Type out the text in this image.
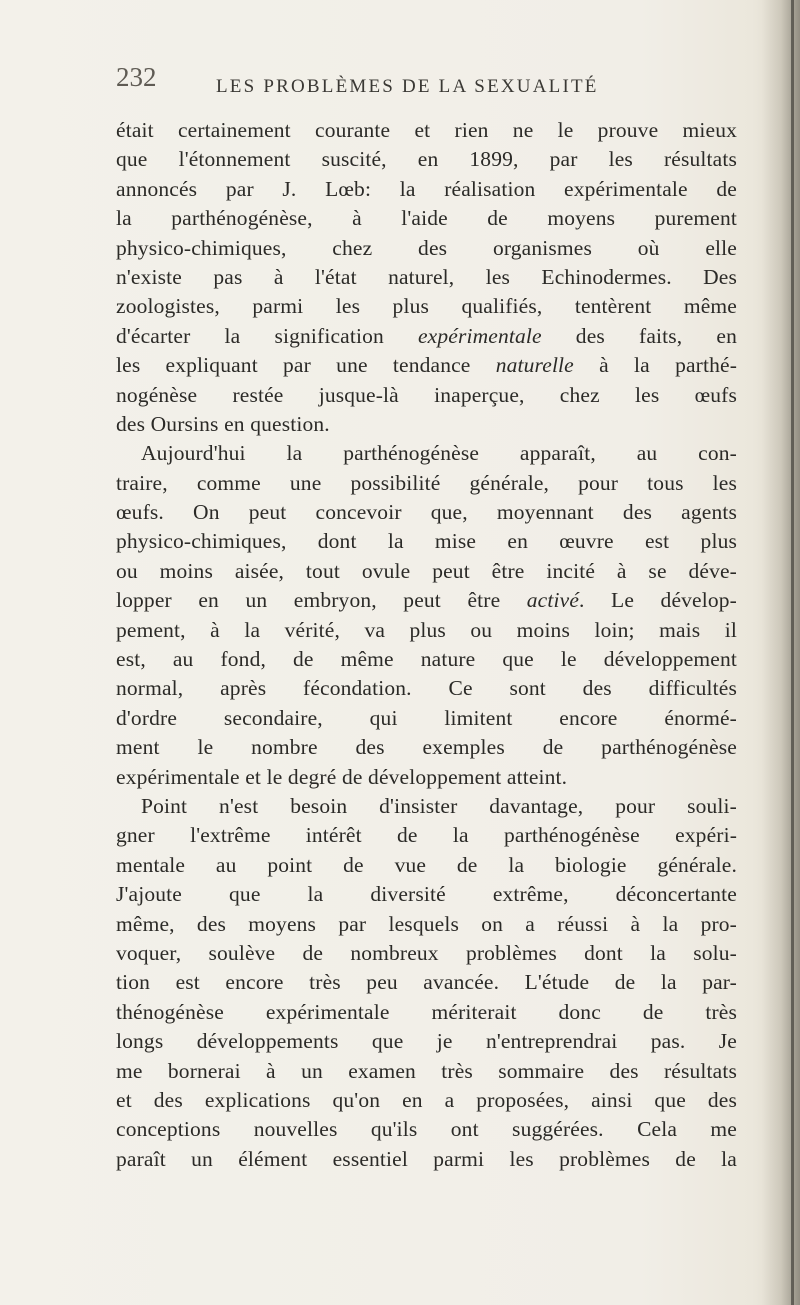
232	LES PROBLÈMES DE LA SEXUALITÉ
était certainement courante et rien ne le prouve mieux
que l'étonnement suscité, en 1899, par les résultats
annoncés par J. Lœb: la réalisation expérimentale de
la parthénogénèse, à l'aide de moyens purement
physico-chimiques, chez des organismes où elle
n'existe pas à l'état naturel, les Echinodermes. Des
zoologistes, parmi les plus qualifiés, tentèrent même
d'écarter la signification expérimentale des faits, en
les expliquant par une tendance naturelle à la parthé-
nogénèse restée jusque-là inaperçue, chez les œufs
des Oursins en question.
Aujourd'hui la parthénogénèse apparaît, au con-
traire, comme une possibilité générale, pour tous les
œufs. On peut concevoir que, moyennant des agents
physico-chimiques, dont la mise en œuvre est plus
ou moins aisée, tout ovule peut être incité à se déve-
lopper en un embryon, peut être activé. Le dévelop-
pement, à la vérité, va plus ou moins loin; mais il
est, au fond, de même nature que le développement
normal, après fécondation. Ce sont des difficultés
d'ordre secondaire, qui limitent encore énormé-
ment le nombre des exemples de parthénogénèse
expérimentale et le degré de développement atteint.
Point n'est besoin d'insister davantage, pour souli-
gner l'extrême intérêt de la parthénogénèse expéri-
mentale au point de vue de la biologie générale.
J'ajoute que la diversité extrême, déconcertante
même, des moyens par lesquels on a réussi à la pro-
voquer, soulève de nombreux problèmes dont la solu-
tion est encore très peu avancée. L'étude de la par-
thénogénèse expérimentale mériterait donc de très
longs développements que je n'entreprendrai pas. Je
me bornerai à un examen très sommaire des résultats
et des explications qu'on en a proposées, ainsi que des
conceptions nouvelles qu'ils ont suggérées. Cela me
paraît un élément essentiel parmi les problèmes de la
